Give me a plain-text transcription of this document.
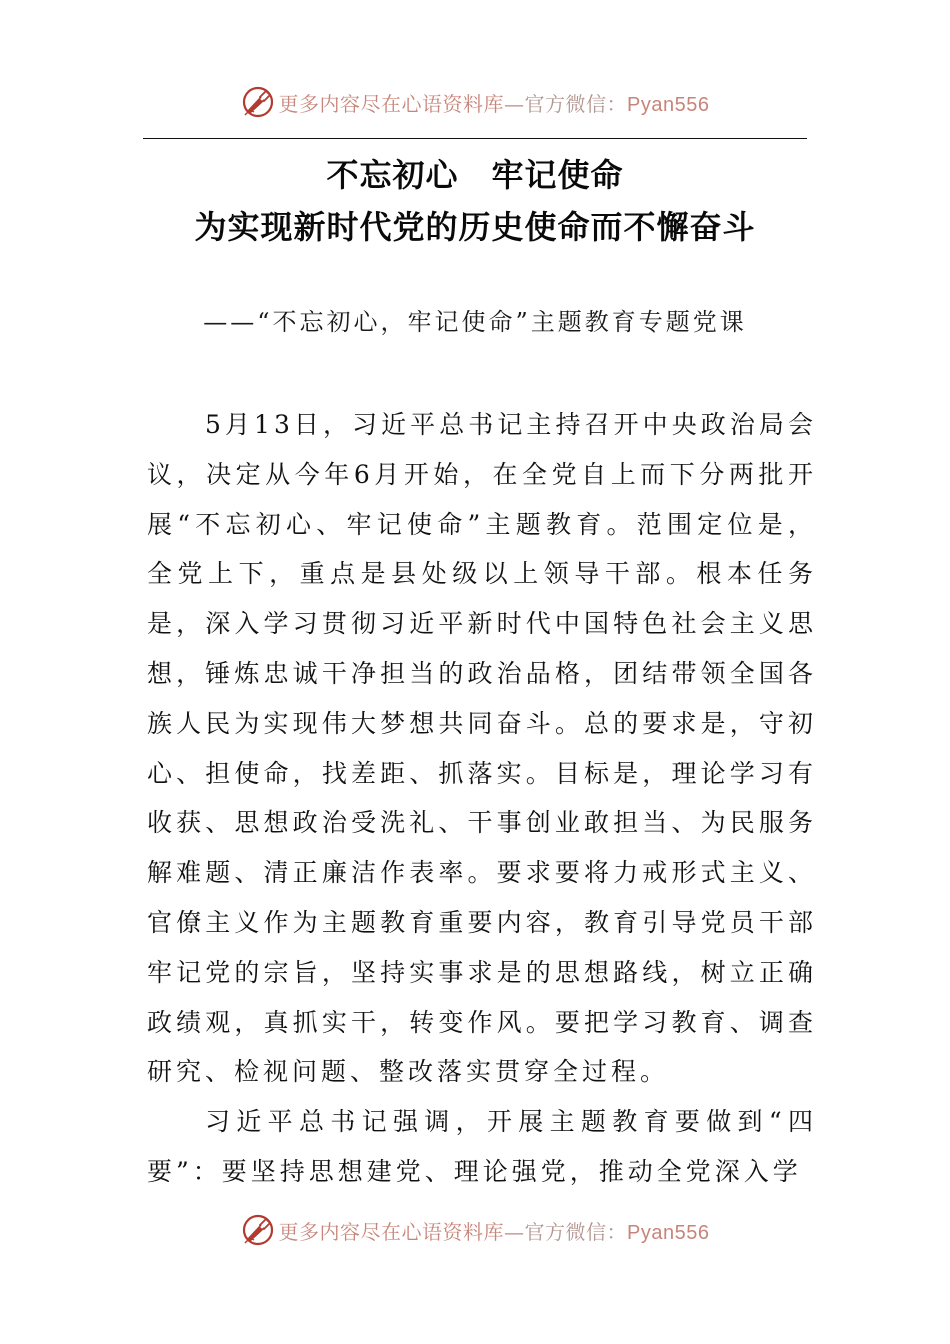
更多内容尽在心语资料库—官方微信：Pyan556
不忘初心　牢记使命
为实现新时代党的历史使命而不懈奋斗
——“不忘初心，牢记使命”主题教育专题党课

5月13日，习近平总书记主持召开中央政治局会议，决定从今年6月开始，在全党自上而下分两批开展“不忘初心、牢记使命”主题教育。范围定位是，全党上下，重点是县处级以上领导干部。根本任务是，深入学习贯彻习近平新时代中国特色社会主义思想，锤炼忠诚干净担当的政治品格，团结带领全国各族人民为实现伟大梦想共同奋斗。总的要求是，守初心、担使命，找差距、抓落实。目标是，理论学习有收获、思想政治受洗礼、干事创业敢担当、为民服务解难题、清正廉洁作表率。要求要将力戒形式主义、官僚主义作为主题教育重要内容，教育引导党员干部牢记党的宗旨，坚持实事求是的思想路线，树立正确政绩观，真抓实干，转变作风。要把学习教育、调查研究、检视问题、整改落实贯穿全过程。

习近平总书记强调，开展主题教育要做到“四要”：要坚持思想建党、理论强党，推动全党深入学

更多内容尽在心语资料库—官方微信：Pyan556
